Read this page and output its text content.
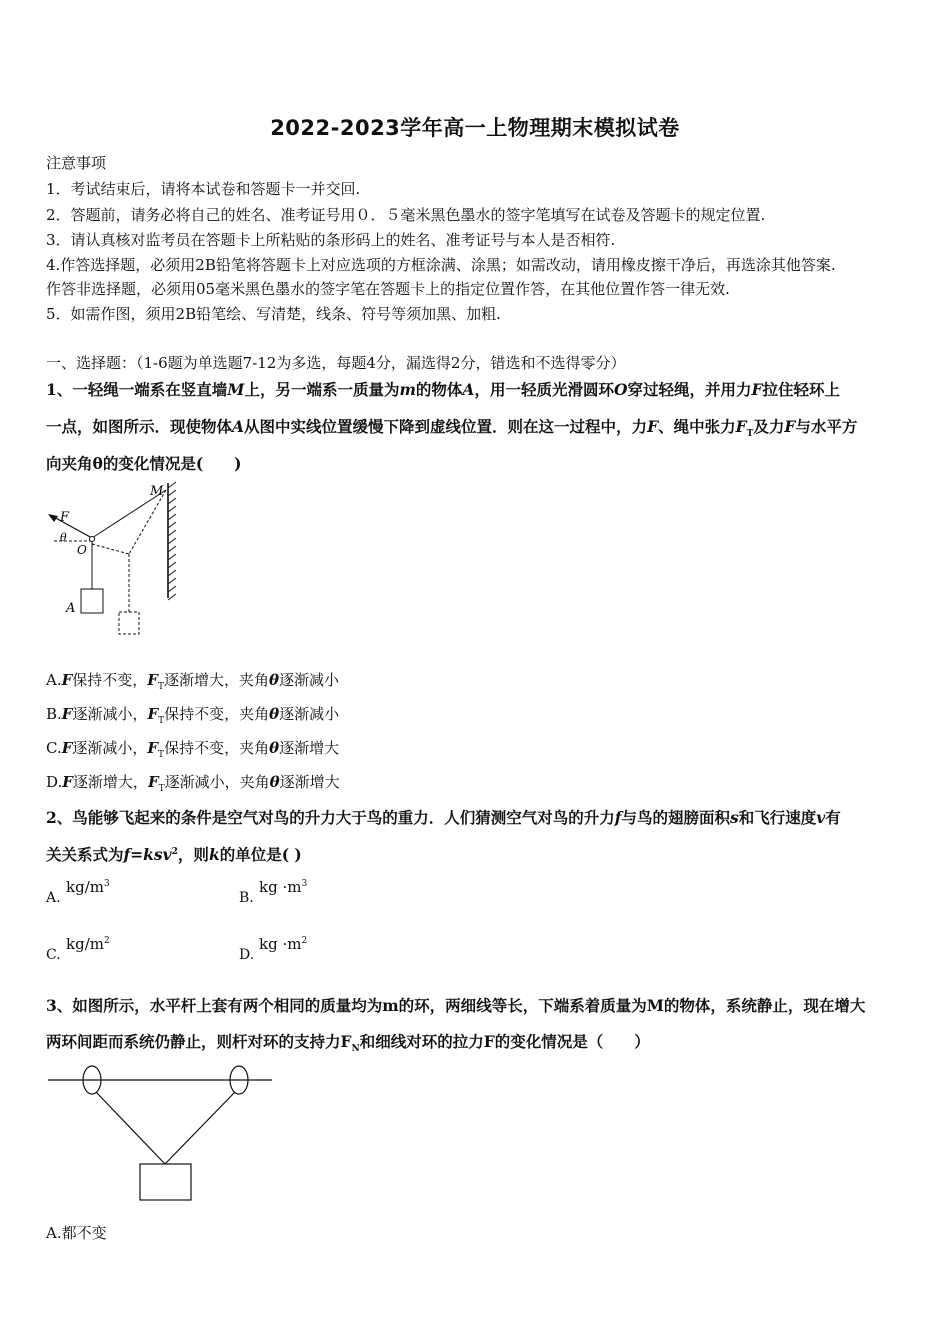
2022-2023学年高一上物理期末模拟试卷
注意事项
1．考试结束后，请将本试卷和答题卡一并交回.
2．答题前，请务必将自己的姓名、准考证号用０．５毫米黑色墨水的签字笔填写在试卷及答题卡的规定位置.
3．请认真核对监考员在答题卡上所粘贴的条形码上的姓名、准考证号与本人是否相符.
4.作答选择题，必须用2B铅笔将答题卡上对应选项的方框涂满、涂黑；如需改动，请用橡皮擦干净后，再选涂其他答案.
作答非选择题，必须用05毫米黑色墨水的签字笔在答题卡上的指定位置作答，在其他位置作答一律无效.
5．如需作图，须用2B铅笔绘、写清楚，线条、符号等须加黑、加粗.
一、选择题：（1-6题为单选题7-12为多选，每题4分，漏选得2分，错选和不选得零分）
1、一轻绳一端系在竖直墙M上，另一端系一质量为m的物体A，用一轻质光滑圆环O穿过轻绳，并用力F拉住轻环上
一点，如图所示．现使物体A从图中实线位置缓慢下降到虚线位置．则在这一过程中，力F、绳中张力$F_T$及力F与水平方
向夹角θ的变化情况是(　　)
F
θ
O
M
A
A.F保持不变，$F_T$逐渐增大，夹角θ逐渐减小
B.F逐渐减小，$F_T$保持不变，夹角θ逐渐减小
C.F逐渐减小，$F_T$保持不变，夹角θ逐渐增大
D.F逐渐增大，$F_T$逐渐减小，夹角θ逐渐增大
2、鸟能够飞起来的条件是空气对鸟的升力大于鸟的重力．人们猜测空气对鸟的升力f与鸟的翅膀面积s和飞行速度v有
关关系式为f=ksv$^2$，则k的单位是( )
A.
$kg/m^3$
B.
kg $\cdot m^3$
C.
$kg/m^2$
D.
kg $\cdot m^2$
3、如图所示，水平杆上套有两个相同的质量均为m的环，两细线等长，下端系着质量为M的物体，系统静止，现在增大
两环间距而系统仍静止，则杆对环的支持力$F_N$和细线对环的拉力F的变化情况是（　　）
A.都不变
